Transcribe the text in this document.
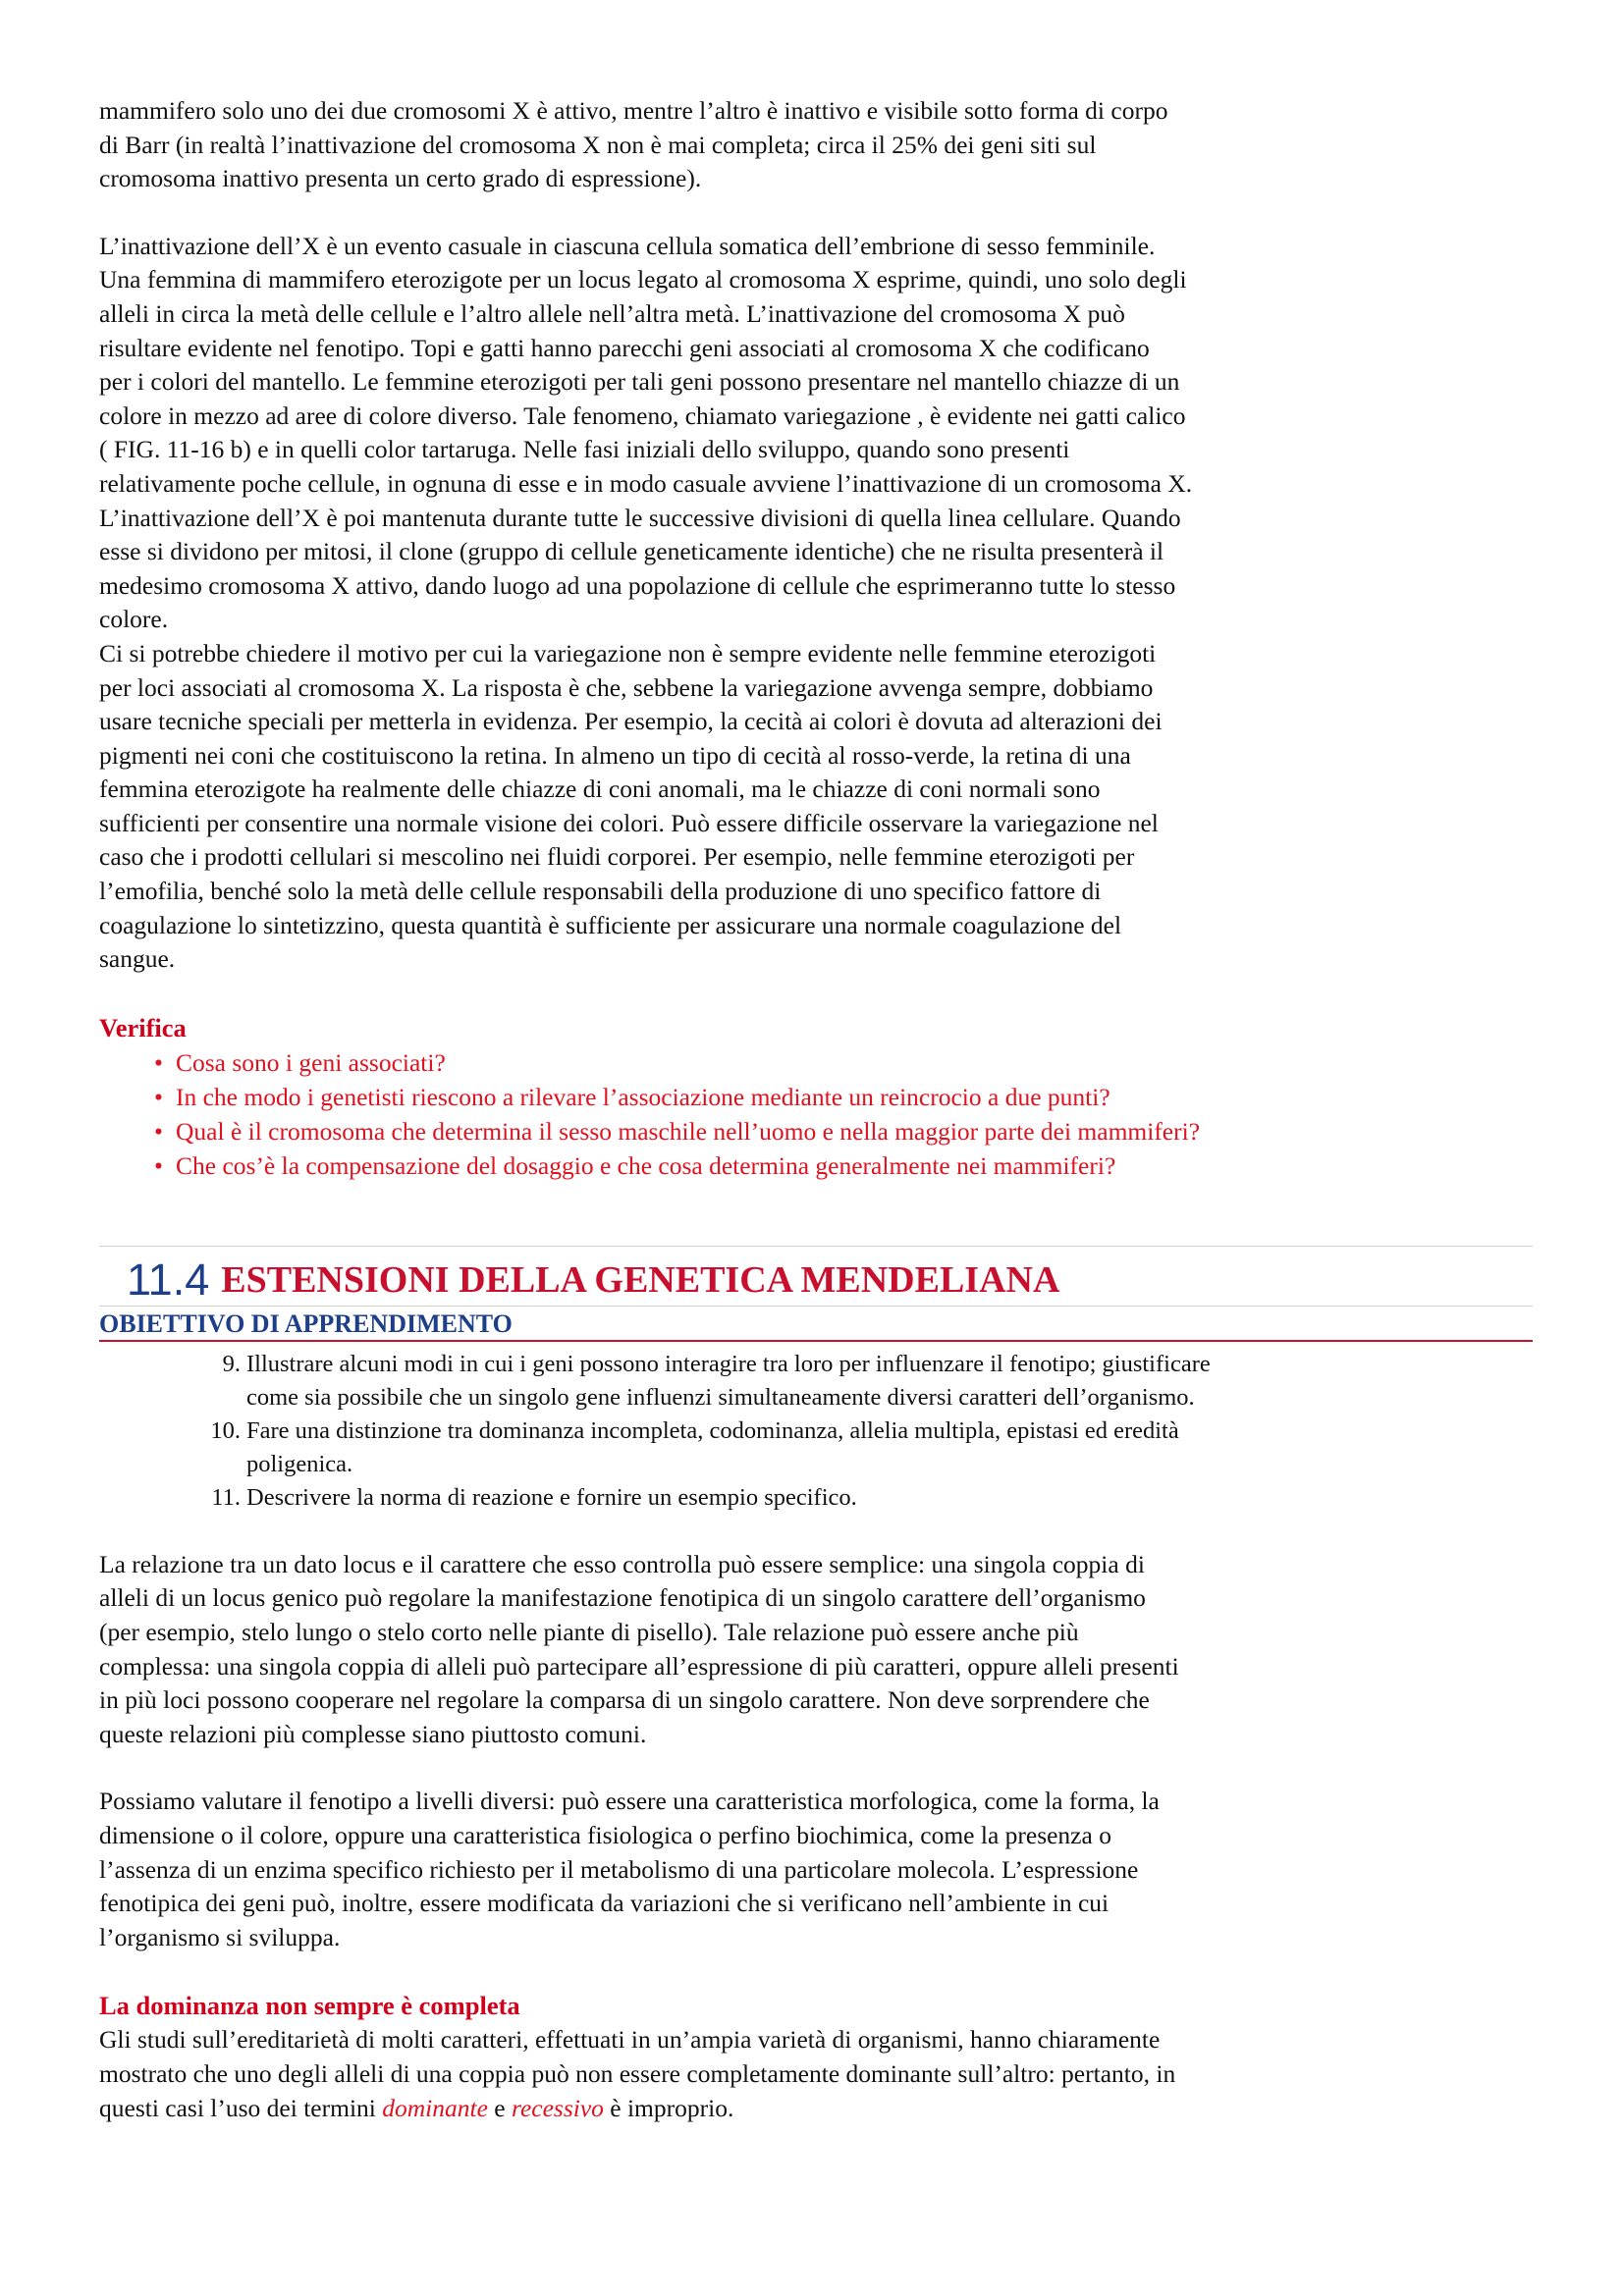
mammifero solo uno dei due cromosomi X è attivo, mentre l’altro è inattivo e visibile sotto forma di corpo
di Barr (in realtà l’inattivazione del cromosoma X non è mai completa; circa il 25% dei geni siti sul
cromosoma inattivo presenta un certo grado di espressione).

L’inattivazione dell’X è un evento casuale in ciascuna cellula somatica dell’embrione di sesso femminile.
Una femmina di mammifero eterozigote per un locus legato al cromosoma X esprime, quindi, uno solo degli
alleli in circa la metà delle cellule e l’altro allele nell’altra metà. L’inattivazione del cromosoma X può
risultare evidente nel fenotipo. Topi e gatti hanno parecchi geni associati al cromosoma X che codificano
per i colori del mantello. Le femmine eterozigoti per tali geni possono presentare nel mantello chiazze di un
colore in mezzo ad aree di colore diverso. Tale fenomeno, chiamato variegazione , è evidente nei gatti calico
( FIG. 11-16 b) e in quelli color tartaruga. Nelle fasi iniziali dello sviluppo, quando sono presenti
relativamente poche cellule, in ognuna di esse e in modo casuale avviene l’inattivazione di un cromosoma X.
L’inattivazione dell’X è poi mantenuta durante tutte le successive divisioni di quella linea cellulare. Quando
esse si dividono per mitosi, il clone (gruppo di cellule geneticamente identiche) che ne risulta presenterà il
medesimo cromosoma X attivo, dando luogo ad una popolazione di cellule che esprimeranno tutte lo stesso
colore.

Ci si potrebbe chiedere il motivo per cui la variegazione non è sempre evidente nelle femmine eterozigoti
per loci associati al cromosoma X. La risposta è che, sebbene la variegazione avvenga sempre, dobbiamo
usare tecniche speciali per metterla in evidenza. Per esempio, la cecità ai colori è dovuta ad alterazioni dei
pigmenti nei coni che costituiscono la retina. In almeno un tipo di cecità al rosso-verde, la retina di una
femmina eterozigote ha realmente delle chiazze di coni anomali, ma le chiazze di coni normali sono
sufficienti per consentire una normale visione dei colori. Può essere difficile osservare la variegazione nel
caso che i prodotti cellulari si mescolino nei fluidi corporei. Per esempio, nelle femmine eterozigoti per
l’emofilia, benché solo la metà delle cellule responsabili della produzione di uno specifico fattore di
coagulazione lo sintetizzino, questa quantità è sufficiente per assicurare una normale coagulazione del
sangue.

Verifica

• Cosa sono i geni associati?
• In che modo i genetisti riescono a rilevare l’associazione mediante un reincrocio a due punti?
• Qual è il cromosoma che determina il sesso maschile nell’uomo e nella maggior parte dei mammiferi?
• Che cos’è la compensazione del dosaggio e che cosa determina generalmente nei mammiferi?
11.4 ESTENSIONI DELLA GENETICA MENDELIANA

OBIETTIVO DI APPRENDIMENTO

9. Illustrare alcuni modi in cui i geni possono interagire tra loro per influenzare il fenotipo; giustificare
come sia possibile che un singolo gene influenzi simultaneamente diversi caratteri dell’organismo.
10. Fare una distinzione tra dominanza incompleta, codominanza, allelia multipla, epistasi ed eredità
poligenica.
11. Descrivere la norma di reazione e fornire un esempio specifico.

La relazione tra un dato locus e il carattere che esso controlla può essere semplice: una singola coppia di
alleli di un locus genico può regolare la manifestazione fenotipica di un singolo carattere dell’organismo
(per esempio, stelo lungo o stelo corto nelle piante di pisello). Tale relazione può essere anche più
complessa: una singola coppia di alleli può partecipare all’espressione di più caratteri, oppure alleli presenti
in più loci possono cooperare nel regolare la comparsa di un singolo carattere. Non deve sorprendere che
queste relazioni più complesse siano piuttosto comuni.

Possiamo valutare il fenotipo a livelli diversi: può essere una caratteristica morfologica, come la forma, la
dimensione o il colore, oppure una caratteristica fisiologica o perfino biochimica, come la presenza o
l’assenza di un enzima specifico richiesto per il metabolismo di una particolare molecola. L’espressione
fenotipica dei geni può, inoltre, essere modificata da variazioni che si verificano nell’ambiente in cui
l’organismo si sviluppa.

La dominanza non sempre è completa

Gli studi sull’ereditarietà di molti caratteri, effettuati in un’ampia varietà di organismi, hanno chiaramente
mostrato che uno degli alleli di una coppia può non essere completamente dominante sull’altro: pertanto, in
questi casi l’uso dei termini dominante e recessivo è improprio.
